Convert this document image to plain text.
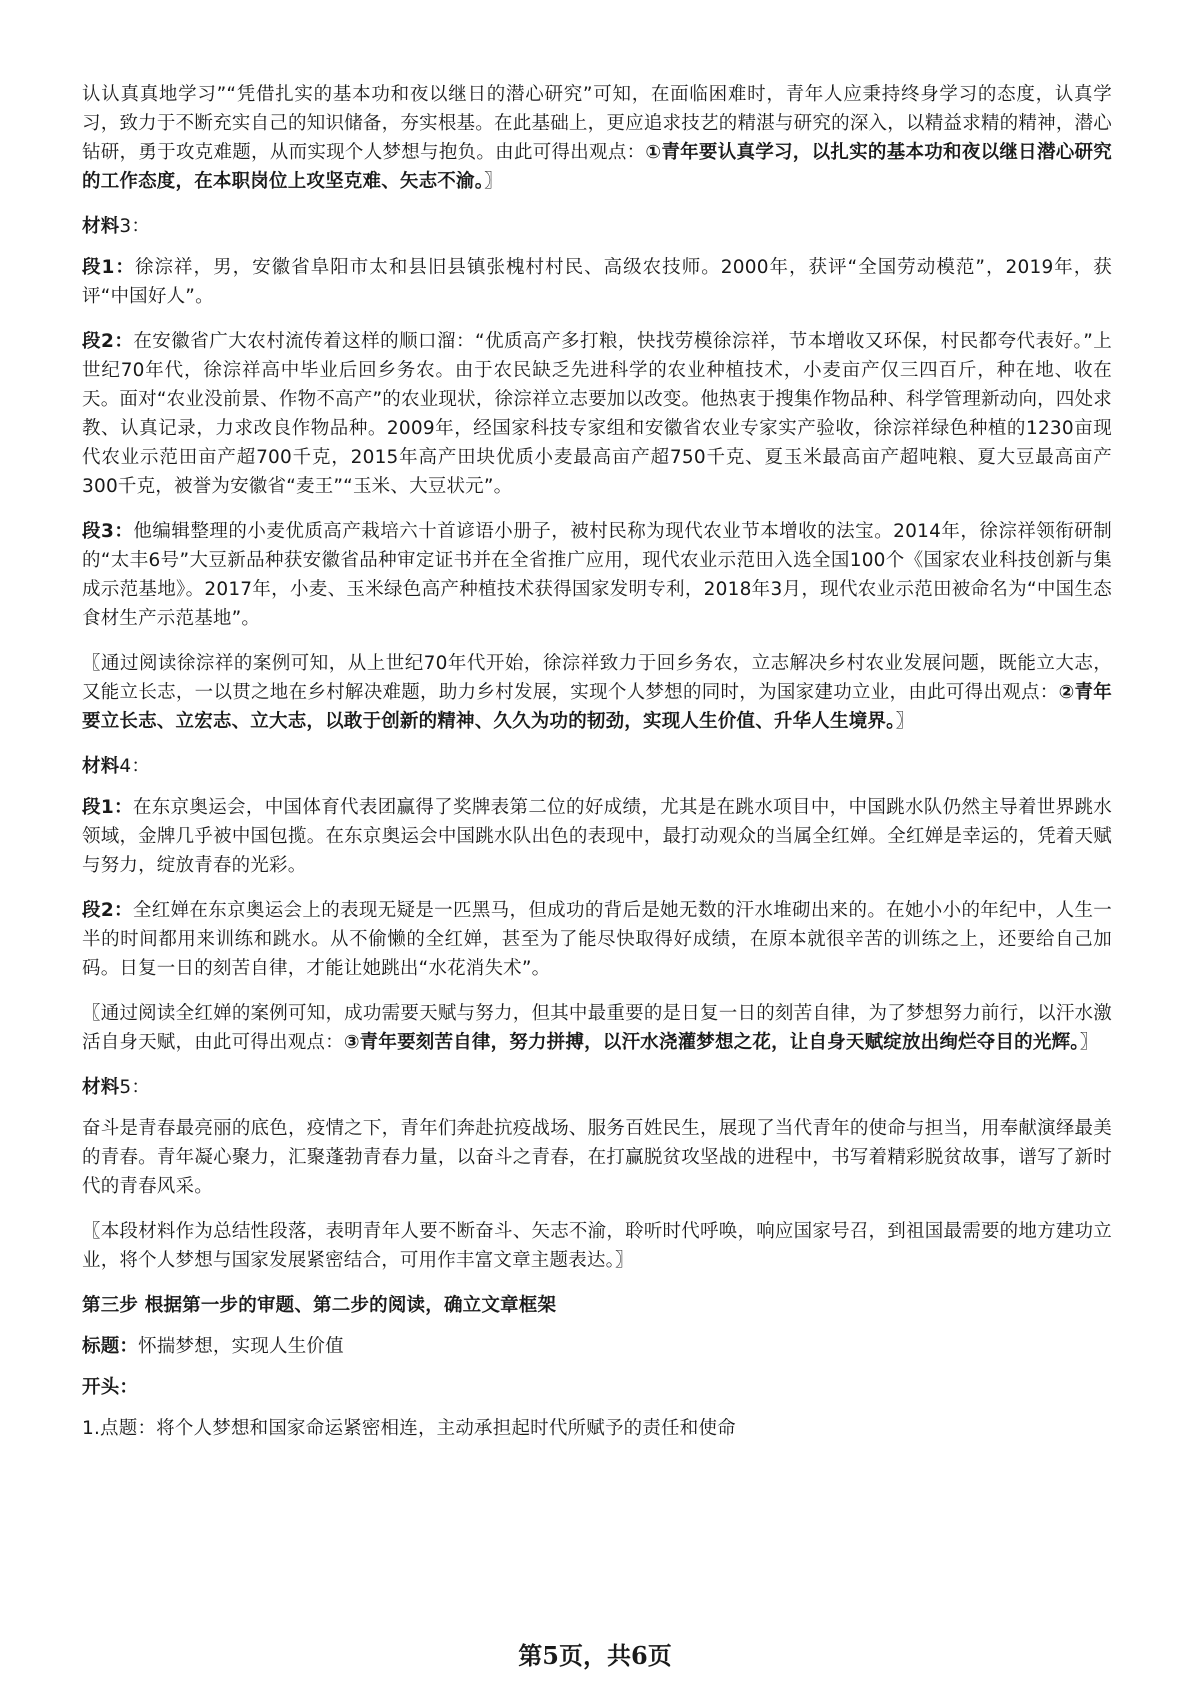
认认真真地学习”“凭借扎实的基本功和夜以继日的潜心研究”可知，在面临困难时，青年人应秉持终身学习的态度，认真学习，致力于不断充实自己的知识储备，夯实根基。在此基础上，更应追求技艺的精湛与研究的深入，以精益求精的精神，潜心钻研，勇于攻克难题，从而实现个人梦想与抱负。由此可得出观点：①青年要认真学习，以扎实的基本功和夜以继日潜心研究的工作态度，在本职岗位上攻坚克难、矢志不渝。〗

材料3：

段1：徐淙祥，男，安徽省阜阳市太和县旧县镇张槐村村民、高级农技师。2000年，获评“全国劳动模范”，2019年，获评“中国好人”。

段2：在安徽省广大农村流传着这样的顺口溜：“优质高产多打粮，快找劳模徐淙祥，节本增收又环保，村民都夸代表好。”上世纪70年代，徐淙祥高中毕业后回乡务农。由于农民缺乏先进科学的农业种植技术，小麦亩产仅三四百斤，种在地、收在天。面对“农业没前景、作物不高产”的农业现状，徐淙祥立志要加以改变。他热衷于搜集作物品种、科学管理新动向，四处求教、认真记录，力求改良作物品种。2009年，经国家科技专家组和安徽省农业专家实产验收，徐淙祥绿色种植的1230亩现代农业示范田亩产超700千克，2015年高产田块优质小麦最高亩产超750千克、夏玉米最高亩产超吨粮、夏大豆最高亩产300千克，被誉为安徽省“麦王”“玉米、大豆状元”。

段3：他编辑整理的小麦优质高产栽培六十首谚语小册子，被村民称为现代农业节本增收的法宝。2014年，徐淙祥领衔研制的“太丰6号”大豆新品种获安徽省品种审定证书并在全省推广应用，现代农业示范田入选全国100个《国家农业科技创新与集成示范基地》。2017年，小麦、玉米绿色高产种植技术获得国家发明专利，2018年3月，现代农业示范田被命名为“中国生态食材生产示范基地”。

〖通过阅读徐淙祥的案例可知，从上世纪70年代开始，徐淙祥致力于回乡务农，立志解决乡村农业发展问题，既能立大志，又能立长志，一以贯之地在乡村解决难题，助力乡村发展，实现个人梦想的同时，为国家建功立业，由此可得出观点：②青年要立长志、立宏志、立大志，以敢于创新的精神、久久为功的韧劲，实现人生价值、升华人生境界。〗

材料4：

段1：在东京奥运会，中国体育代表团赢得了奖牌表第二位的好成绩，尤其是在跳水项目中，中国跳水队仍然主导着世界跳水领域，金牌几乎被中国包揽。在东京奥运会中国跳水队出色的表现中，最打动观众的当属全红婵。全红婵是幸运的，凭着天赋与努力，绽放青春的光彩。

段2：全红婵在东京奥运会上的表现无疑是一匹黑马，但成功的背后是她无数的汗水堆砌出来的。在她小小的年纪中，人生一半的时间都用来训练和跳水。从不偷懒的全红婵，甚至为了能尽快取得好成绩，在原本就很辛苦的训练之上，还要给自己加码。日复一日的刻苦自律，才能让她跳出“水花消失术”。

〖通过阅读全红婵的案例可知，成功需要天赋与努力，但其中最重要的是日复一日的刻苦自律，为了梦想努力前行，以汗水激活自身天赋，由此可得出观点：③青年要刻苦自律，努力拼搏，以汗水浇灌梦想之花，让自身天赋绽放出绚烂夺目的光辉。〗

材料5：

奋斗是青春最亮丽的底色，疫情之下，青年们奔赴抗疫战场、服务百姓民生，展现了当代青年的使命与担当，用奉献演绎最美的青春。青年凝心聚力，汇聚蓬勃青春力量，以奋斗之青春，在打赢脱贫攻坚战的进程中，书写着精彩脱贫故事，谱写了新时代的青春风采。

〖本段材料作为总结性段落，表明青年人要不断奋斗、矢志不渝，聆听时代呼唤，响应国家号召，到祖国最需要的地方建功立业，将个人梦想与国家发展紧密结合，可用作丰富文章主题表达。〗

第三步 根据第一步的审题、第二步的阅读，确立文章框架

标题：怀揣梦想，实现人生价值

开头：

1.点题：将个人梦想和国家命运紧密相连，主动承担起时代所赋予的责任和使命

第5页，共6页
